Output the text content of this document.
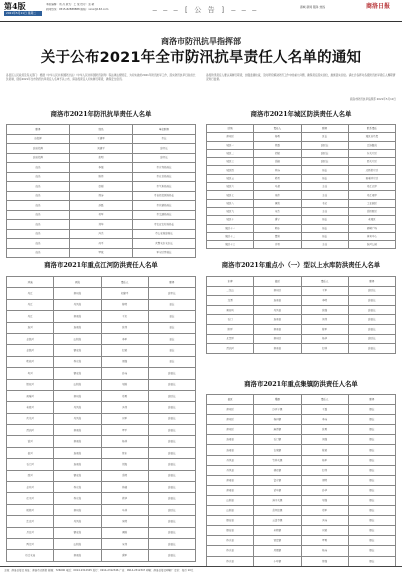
第4版
2021年5月11日 星期二
本版编辑：刘 丹 版式：王 成 校对：张 敏
新闻热线：0515-82888888 邮箱：xxxx@163.com	— — — [ 公 告 ] — — —	商城 新闻 服务 热线	商洛日报
商洛市防汛抗旱指挥部
关于公布2021年全市防汛抗旱责任人名单的通知
各县区人民政府及有关部门：根据《中华人民共和国防洪法》《中华人民共和国防汛条例》等法律法规规定，为切实做好2021年防汛抗旱工作，落实防汛抗旱行政首长负责制，现将2021年全市防汛抗旱责任人名单予以公布，请各级责任人切实履行职责，确保安全度汛。
各级防汛责任人要认真履行职责，加强监督检查，及时研究解决防汛工作中的重大问题，确保责任落实到位，措施落实到位。请社会各界对各级防汛抗旱责任人履职情况进行监督。
商洛市防汛抗旱指挥部 2021年5月10日
商洛市2021年防汛抗旱责任人名单
职务	姓名	单位职务
总指挥	王建军	市长
副总指挥	刘建平	副市长
副总指挥	张明	副市长
成员	李强	市水利局局长
成员	陈伟	市应急局局长
成员	赵刚	市气象局局长
成员	周涛	市自然资源局局长
成员	孙磊	市住建局局长
成员	吴军	市交通局局长
成员	郑华	市农业农村局局长
成员	冯杰	市公安局副局长
成员	何平	武警支队支队长
成员	罗斌	军分区参谋长
商洛市2021年城区防洪责任人名单
区域	责任人	职务	联系责任
商州区	杨勇	区长	城区总负责
城区一	徐磊	副区长	江滨路段
城区二	胡斌	副区长	东关片区
城区三	高峰	副区长	西关片区
城区四	林涛	局长	北新街片区
城区五	郭亮	局长	南秦河片区
城区六	马超	主任	丹江北岸
城区七	朱伟	主任	丹江南岸
城区八	黄凯	书记	工业园区
城区九	宋杰	主任	高铁新区
城区十	唐宁	局长	老城区
城区十一	韩冰	局长	商鞅广场
城区十二	曹阳	局长	体育中心
城区十三	许昊	主任	滨河公园
商洛市2021年重点江河防洪责任人名单
河流	河段	责任人	职务
丹江	商州段	刘建平	副市长
丹江	丹凤段	陈明	县长
丹江	商南段	王宏	县长
洛河	洛南段	张伟	县长
金钱河	山阳段	李军	县长
金钱河	镇安段	赵斌	县长
乾佑河	柞水段	周强	县长
旬河	镇安段	孙涛	副县长
银花河	山阳段	吴刚	副县长
南秦河	商州段	郑勇	副区长
老君河	丹凤段	冯伟	副县长
武关河	丹凤段	何军	副县长
清油河	商南段	罗平	副县长
滔河	商南段	杨林	副县长
县河	洛南段	徐东	副县长
石门河	洛南段	胡海	副县长
西河	镇安段	高明	副县长
金井河	柞水段	林峰	副县长
社川河	柞水段	郭华	副县长
板桥河	商州段	马林	副区长
峦庄河	丹凤段	朱明	副县长
月日河	镇安段	黄刚	副县长
两岔河	山阳段	宋伟	副县长
丹江支流	商南段	唐军	副县长
商洛市2021年重点小（一）型以上水库防洪责任人名单
水库	县区	责任人	职务
二龙山	商州区	王军	副区长
龙潭	洛南县	李明	副县长
黄花岭	丹凤县	张强	副县长
石门	洛南县	刘伟	副县长
阳坪	商南县	陈军	副县长
北宽坪	商州区	杨华	副区长
清油河	商南县	赵林	副县长
商洛市2021年重点集镇防洪责任人名单
县区	集镇	责任人	职务
商州区	沙河子镇	王磊	镇长
商州区	杨斜镇	李涛	镇长
商州区	麻街镇	张勇	镇长
洛南县	石门镇	刘强	镇长
洛南县	古城镇	陈斌	镇长
丹凤县	竹林关镇	杨军	镇长
丹凤县	棣花镇	赵伟	镇长
商南县	富水镇	周明	镇长
商南县	试马镇	孙华	镇长
山阳县	漫川关镇	吴强	镇长
山阳县	高坝店镇	郑军	镇长
镇安县	云盖寺镇	冯涛	镇长
镇安县	米粮镇	何斌	镇长
柞水县	营盘镇	罗勇	镇长
柞水县	凤凰镇	杨涛	镇长
柞水县	小岭镇	徐强	镇长
主编：商洛日报社 地址：商洛市北新街 邮编：726000 电话：0914-2312345 发行：0914-2312346 广告：0914-2312347 印刷：商洛日报社印刷厂 定价：每月 10元
